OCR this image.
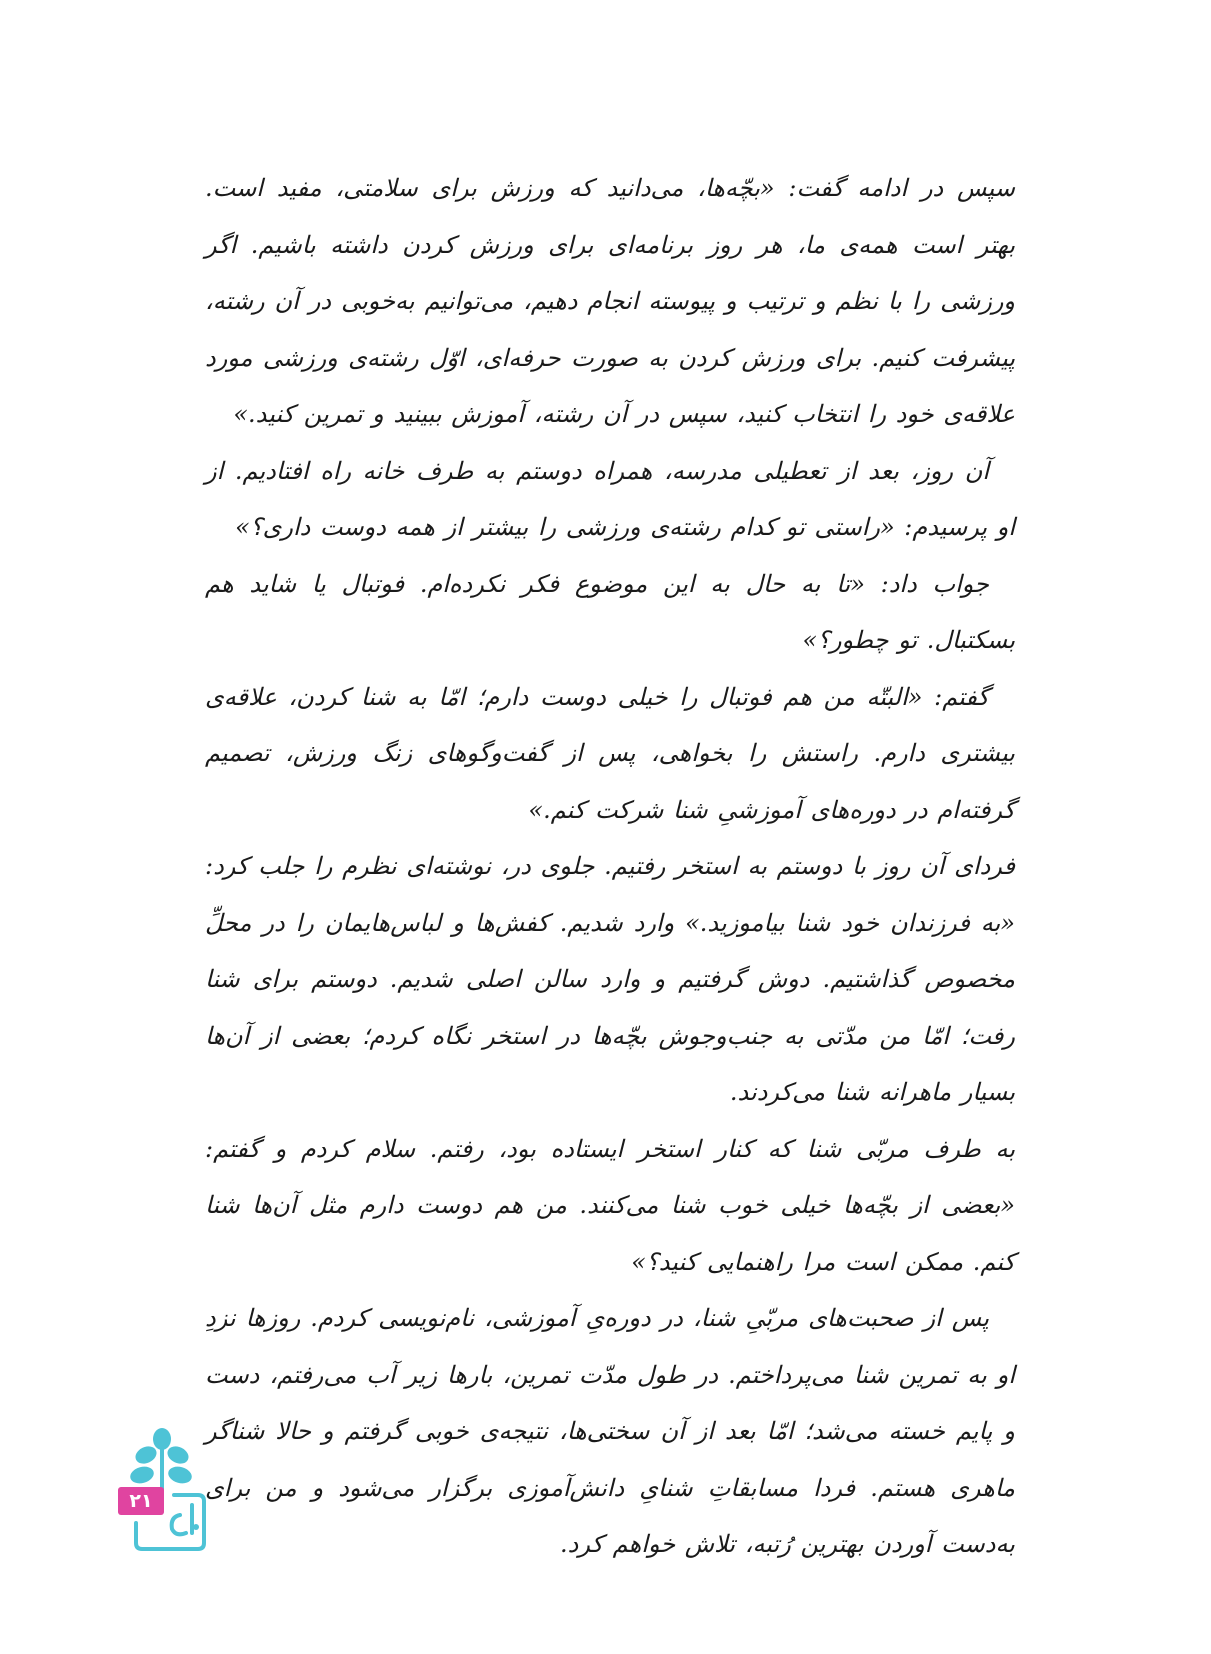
سپس در ادامه گفت: «بچّه‌ها، می‌دانید که ورزش برای سلامتی، مفید است. بهتر است همه‌ی ما، هر روز برنامه‌ای برای ورزش کردن داشته باشیم. اگر ورزشی را با نظم و ترتیب و پیوسته انجام دهیم، می‌توانیم به‌خوبی در آن رشته، پیشرفت کنیم. برای ورزش کردن به صورت حرفه‌ای، اوّل رشته‌ی ورزشی مورد علاقه‌ی خود را انتخاب کنید، سپس در آن رشته، آموزش ببینید و تمرین کنید.»

آن روز، بعد از تعطیلی مدرسه، همراه دوستم به طرف خانه راه افتادیم. از او پرسیدم: «راستی تو کدام رشته‌ی ورزشی را بیشتر از همه دوست داری؟»

جواب داد: «تا به حال به این موضوع فکر نکرده‌ام. فوتبال یا شاید هم بسکتبال. تو چطور؟»

گفتم: «البتّه من هم فوتبال را خیلی دوست دارم؛ امّا به شنا کردن، علاقه‌ی بیشتری دارم. راستش را بخواهی، پس از گفت‌وگوهای زنگ ورزش، تصمیم گرفته‌ام در دوره‌های آموزشیِ شنا شرکت کنم.»

فردای آن روز با دوستم به استخر رفتیم. جلوی در، نوشته‌ای نظرم را جلب کرد: «به فرزندان خود شنا بیاموزید.» وارد شدیم. کفش‌ها و لباس‌هایمان را در محلِّ مخصوص گذاشتیم. دوش گرفتیم و وارد سالن اصلی شدیم. دوستم برای شنا رفت؛ امّا من مدّتی به جنب‌وجوش بچّه‌ها در استخر نگاه کردم؛ بعضی از آن‌ها بسیار ماهرانه شنا می‌کردند.

به طرف مربّی شنا که کنار استخر ایستاده بود، رفتم. سلام کردم و گفتم: «بعضی از بچّه‌ها خیلی خوب شنا می‌کنند. من هم دوست دارم مثل آن‌ها شنا کنم. ممکن است مرا راهنمایی کنید؟»

پس از صحبت‌های مربّیِ شنا، در دوره‌یِ آموزشی، نام‌نویسی کردم. روزها نزدِ او به تمرین شنا می‌پرداختم. در طول مدّت تمرین، بارها زیر آب می‌رفتم، دست و پایم خسته می‌شد؛ امّا بعد از آن سختی‌ها، نتیجه‌ی خوبی گرفتم و حالا شناگر ماهری هستم. فردا مسابقاتِ شنایِ دانش‌آموزی برگزار می‌شود و من برای به‌دست آوردن بهترین رُتبه، تلاش خواهم کرد.

۲۱
